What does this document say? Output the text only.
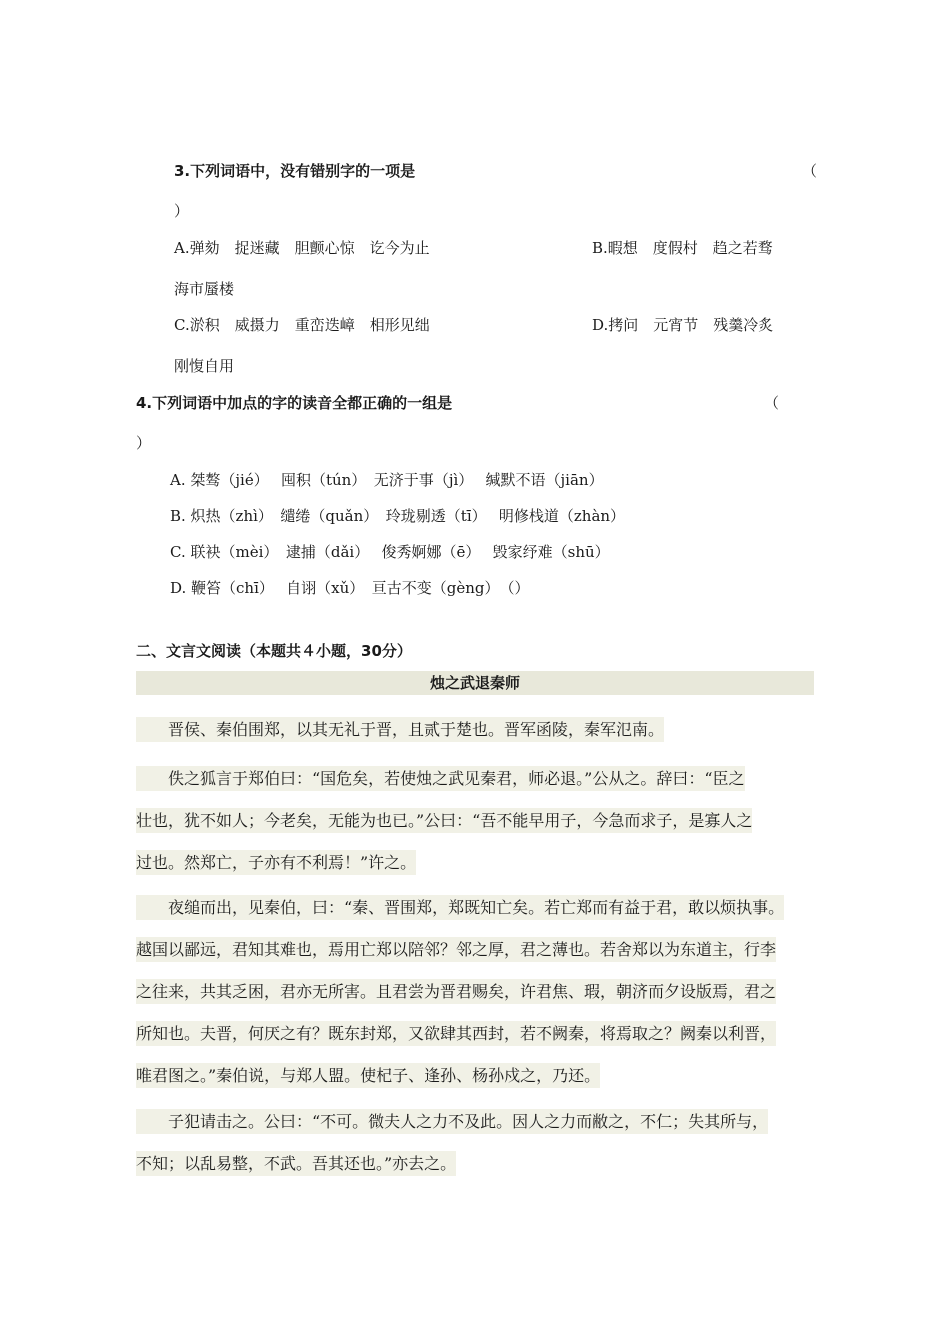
3.下列词语中，没有错别字的一项是	（
）
A.弹劾　捉迷藏　胆颤心惊　讫今为止	B.暇想　度假村　趋之若骛
海市蜃楼
C.淤积　威摄力　重峦迭嶂　相形见绌	D.拷问　元宵节　残羹冷炙
刚愎自用
4.下列词语中加点的字的读音全都正确的一组是	（
）
A. 桀骜（jié）　 囤积（tún）　无济于事（jì）　 缄默不语（jiān）
B. 炽热（zhì）　缱绻（quǎn）　玲珑剔透（tī）　 明修栈道（zhàn）
C. 联袂（mèi）　逮捕（dǎi）　 俊秀婀娜（ē）　 毁家纾难（shū）
D. 鞭笞（chī）　 自诩（xǔ）　亘古不变（gèng）　（）
二、文言文阅读（本题共４小题，30分）
烛之武退秦师
　　晋侯、秦伯围郑，以其无礼于晋，且贰于楚也。晋军函陵，秦军氾南。
　　佚之狐言于郑伯曰：“国危矣，若使烛之武见秦君，师必退。”公从之。辞曰：“臣之
壮也，犹不如人；今老矣，无能为也已。”公曰：“吾不能早用子，今急而求子，是寡人之
过也。然郑亡，子亦有不利焉！”许之。
　　夜缒而出，见秦伯，曰：“秦、晋围郑，郑既知亡矣。若亡郑而有益于君，敢以烦执事。
越国以鄙远，君知其难也，焉用亡郑以陪邻？邻之厚，君之薄也。若舍郑以为东道主，行李
之往来，共其乏困，君亦无所害。且君尝为晋君赐矣，许君焦、瑕，朝济而夕设版焉，君之
所知也。夫晋，何厌之有？既东封郑，又欲肆其西封，若不阙秦，将焉取之？阙秦以利晋，
唯君图之。”秦伯说，与郑人盟。使杞子、逢孙、杨孙戍之，乃还。
　　子犯请击之。公曰：“不可。微夫人之力不及此。因人之力而敝之，不仁；失其所与，
不知；以乱易整，不武。吾其还也。”亦去之。
